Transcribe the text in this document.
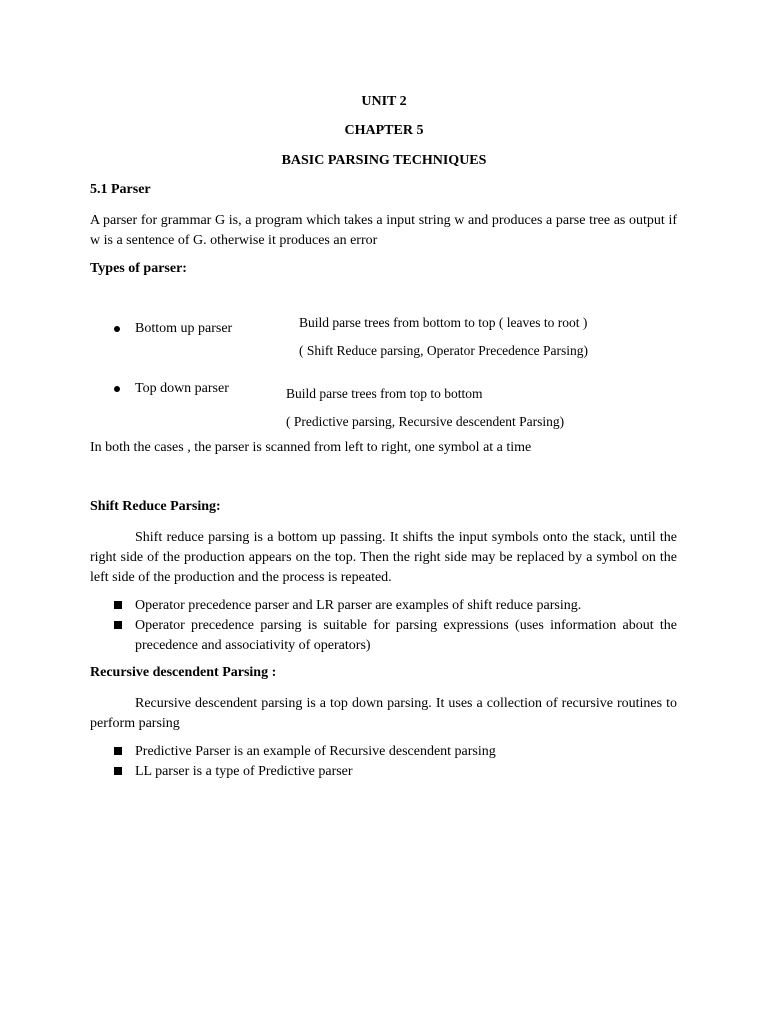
UNIT 2
CHAPTER 5
BASIC PARSING TECHNIQUES
5.1 Parser
A parser for grammar G is, a program which takes a input string w and produces a parse tree as output if w is a sentence of G. otherwise it produces an error
Types of parser:
Bottom up parser	Build parse trees from bottom to top ( leaves to root )
( Shift Reduce parsing, Operator Precedence Parsing)
Top down parser	Build parse trees from top to bottom
( Predictive parsing, Recursive descendent Parsing)
In both the cases , the parser is scanned from left to right, one symbol at a time
Shift Reduce Parsing:
Shift reduce parsing is a bottom up passing. It shifts the input symbols onto the stack, until the right side of the production appears on the top. Then the right side may be replaced by a symbol on the left side of the production and the process is repeated.
Operator precedence parser and LR parser are examples of shift reduce parsing.
Operator precedence parsing is suitable for parsing expressions (uses information about the precedence and associativity of operators)
Recursive descendent Parsing :
Recursive descendent parsing is a top down parsing. It uses a collection of recursive routines to perform parsing
Predictive Parser is an example of Recursive descendent parsing
LL parser is a type of Predictive parser
